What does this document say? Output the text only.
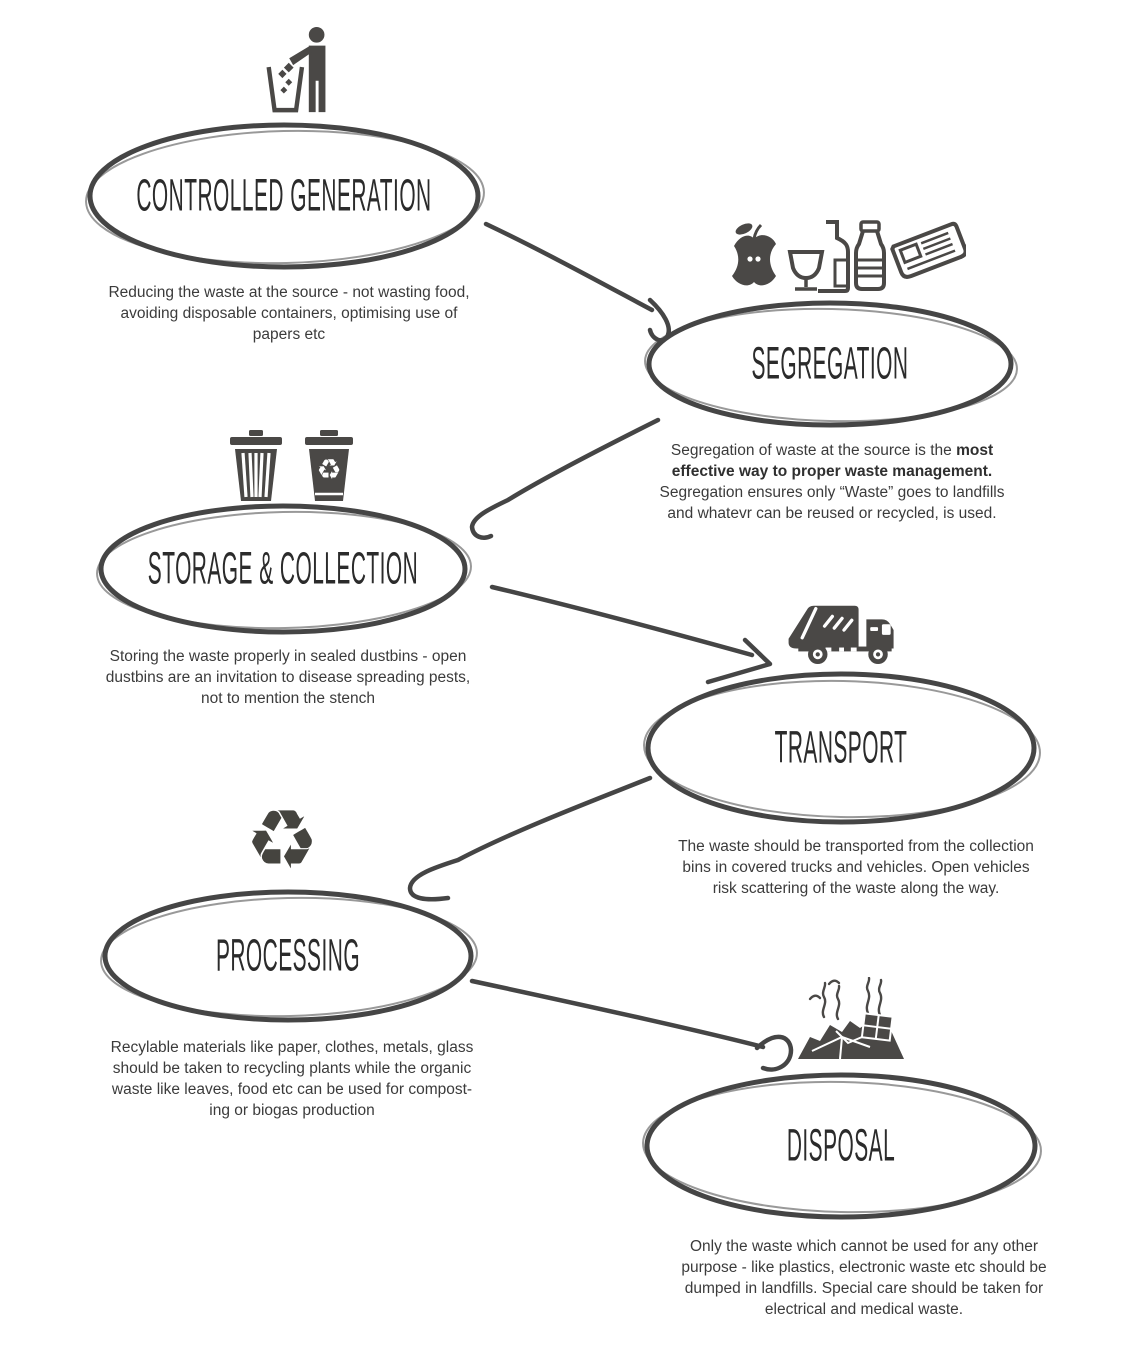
CONTROLLED GENERATION
Reducing the waste at the source - not wasting food,
avoiding disposable containers, optimising use of
papers etc
SEGREGATION
Segregation of waste at the source is the most
effective way to proper waste management.
Segregation ensures only “Waste” goes to landfills
and whatevr can be reused or recycled, is used.
♻
STORAGE & COLLECTION
Storing the waste properly in sealed dustbins - open
dustbins are an invitation to disease spreading pests,
not to mention the stench
TRANSPORT
The waste should be transported from the collection
bins in covered trucks and vehicles. Open vehicles
risk scattering of the waste along the way.
♻
PROCESSING
Recylable materials like paper, clothes, metals, glass
should be taken to recycling plants while the organic
waste like leaves, food etc can be used for compost-
ing or biogas production
DISPOSAL
Only the waste which cannot be used for any other
purpose - like plastics, electronic waste etc should be
dumped in landfills. Special care should be taken for
electrical and medical waste.
